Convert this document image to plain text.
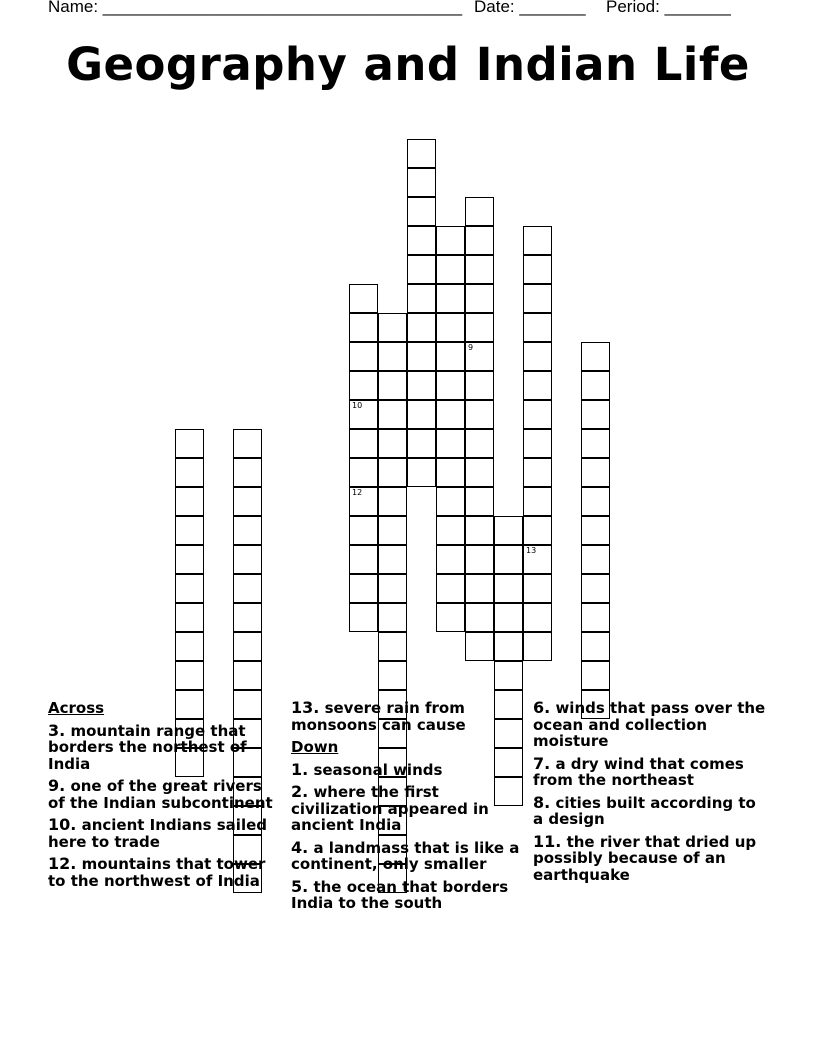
Name: ______________________________________ Date: _______ Period: _______
Geography and Indian Life
10
12
9
13
Across
3. mountain range that borders the northest of India
9. one of the great rivers of the Indian subcontinent
10. ancient Indians sailed here to trade
12. mountains that tower to the northwest of India
13. severe rain from monsoons can cause
Down
1. seasonal winds
2. where the first civilization appeared in ancient India
4. a landmass that is like a continent, only smaller
5. the ocean that borders India to the south
6. winds that pass over the ocean and collection moisture
7. a dry wind that comes from the northeast
8. cities built according to a design
11. the river that dried up possibly because of an earthquake
